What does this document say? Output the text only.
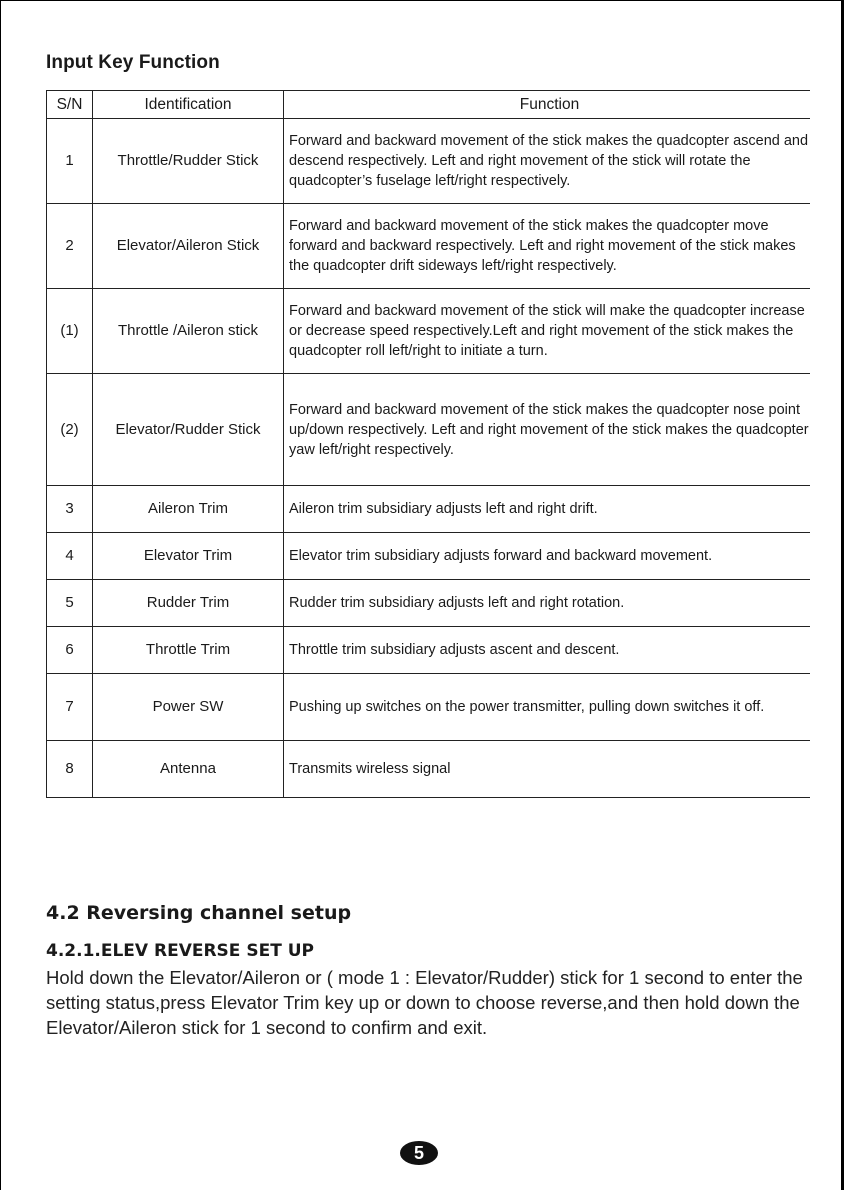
Input Key Function
S/N	Identification	Function
1	Throttle/Rudder Stick	Forward and backward movement of the stick makes the quadcopter ascend and descend respectively. Left and right movement of the stick will rotate the quadcopter’s fuselage left/right respectively.
2	Elevator/Aileron Stick	Forward and backward movement of the stick makes the quadcopter move forward and backward respectively. Left and right movement of the stick makes the quadcopter drift sideways left/right respectively.
(1)	Throttle /Aileron stick	Forward and backward movement of the stick will make the quadcopter increase or decrease speed respectively.Left and right movement of the stick makes the quadcopter roll left/right to initiate a turn.
(2)	Elevator/Rudder Stick	Forward and backward movement of the stick makes the quadcopter nose point up/down respectively. Left and right movement of the stick makes the quadcopter yaw left/right respectively.
3	Aileron Trim	Aileron trim subsidiary adjusts left and right drift.
4	Elevator Trim	Elevator trim subsidiary adjusts forward and backward movement.
5	Rudder Trim	Rudder trim subsidiary adjusts left and right rotation.
6	Throttle Trim	Throttle trim subsidiary adjusts ascent and descent.
7	Power SW	Pushing up switches on the power transmitter, pulling down switches it off.
8	Antenna	Transmits wireless signal
4.2 Reversing channel setup
4.2.1.ELEV REVERSE SET UP

Hold down the Elevator/Aileron or ( mode 1 : Elevator/Rudder) stick for 1 second to enter the setting status,press Elevator Trim key up or down to choose reverse,and then hold down the Elevator/Aileron stick for 1 second to confirm and exit.

5
